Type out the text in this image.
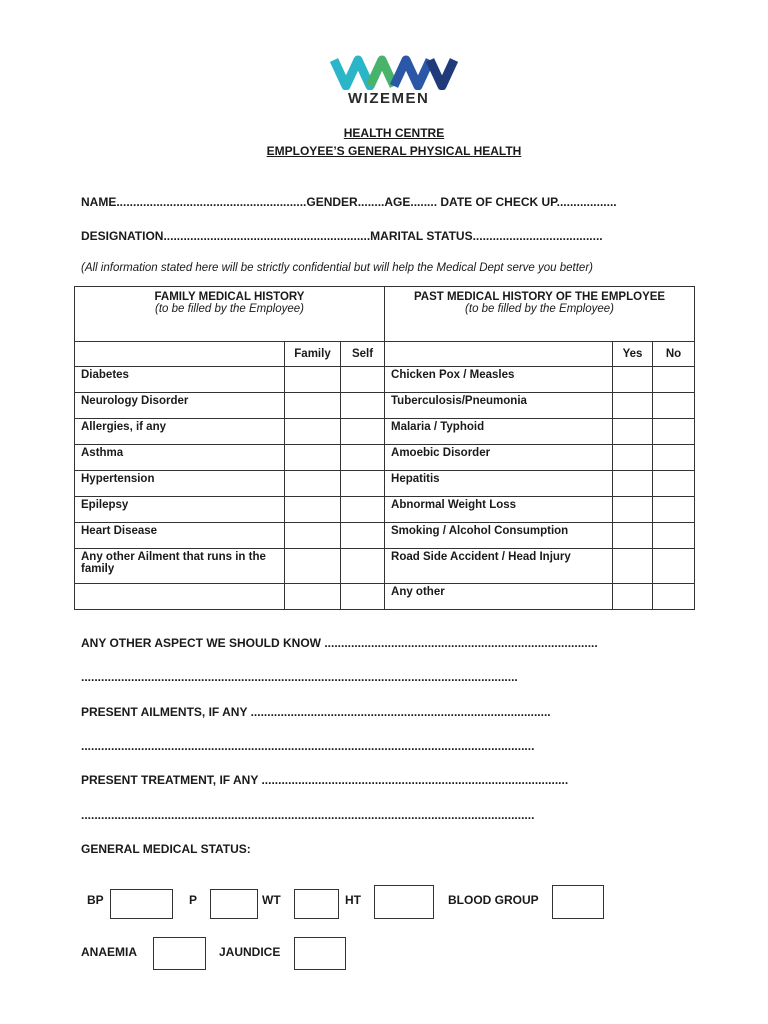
WIZEMEN
HEALTH CENTRE
EMPLOYEE’S GENERAL PHYSICAL HEALTH
NAME.........................................................GENDER........AGE........ DATE OF CHECK UP..................
DESIGNATION..............................................................MARITAL STATUS.......................................
(All information stated here will be strictly confidential but will help the Medical Dept serve you better)
FAMILY MEDICAL HISTORY
(to be filled by the Employee)			PAST MEDICAL HISTORY OF THE EMPLOYEE
(to be filled by the Employee)		

	Family	Self		Yes	No
Diabetes			Chicken Pox / Measles		
Neurology Disorder			Tuberculosis/Pneumonia		
Allergies, if any			Malaria / Typhoid		
Asthma			Amoebic Disorder		
Hypertension			Hepatitis		
Epilepsy			Abnormal Weight Loss		
Heart Disease			Smoking / Alcohol Consumption		
Any other Ailment that runs in the family			Road Side Accident / Head Injury		
			Any other		
ANY OTHER ASPECT WE SHOULD KNOW ..................................................................................
...................................................................................................................................
PRESENT AILMENTS, IF ANY ..........................................................................................
........................................................................................................................................
PRESENT TREATMENT, IF ANY ............................................................................................
........................................................................................................................................
GENERAL MEDICAL STATUS:
BP	P	WT	HT	BLOOD GROUP
ANAEMIA	JAUNDICE
